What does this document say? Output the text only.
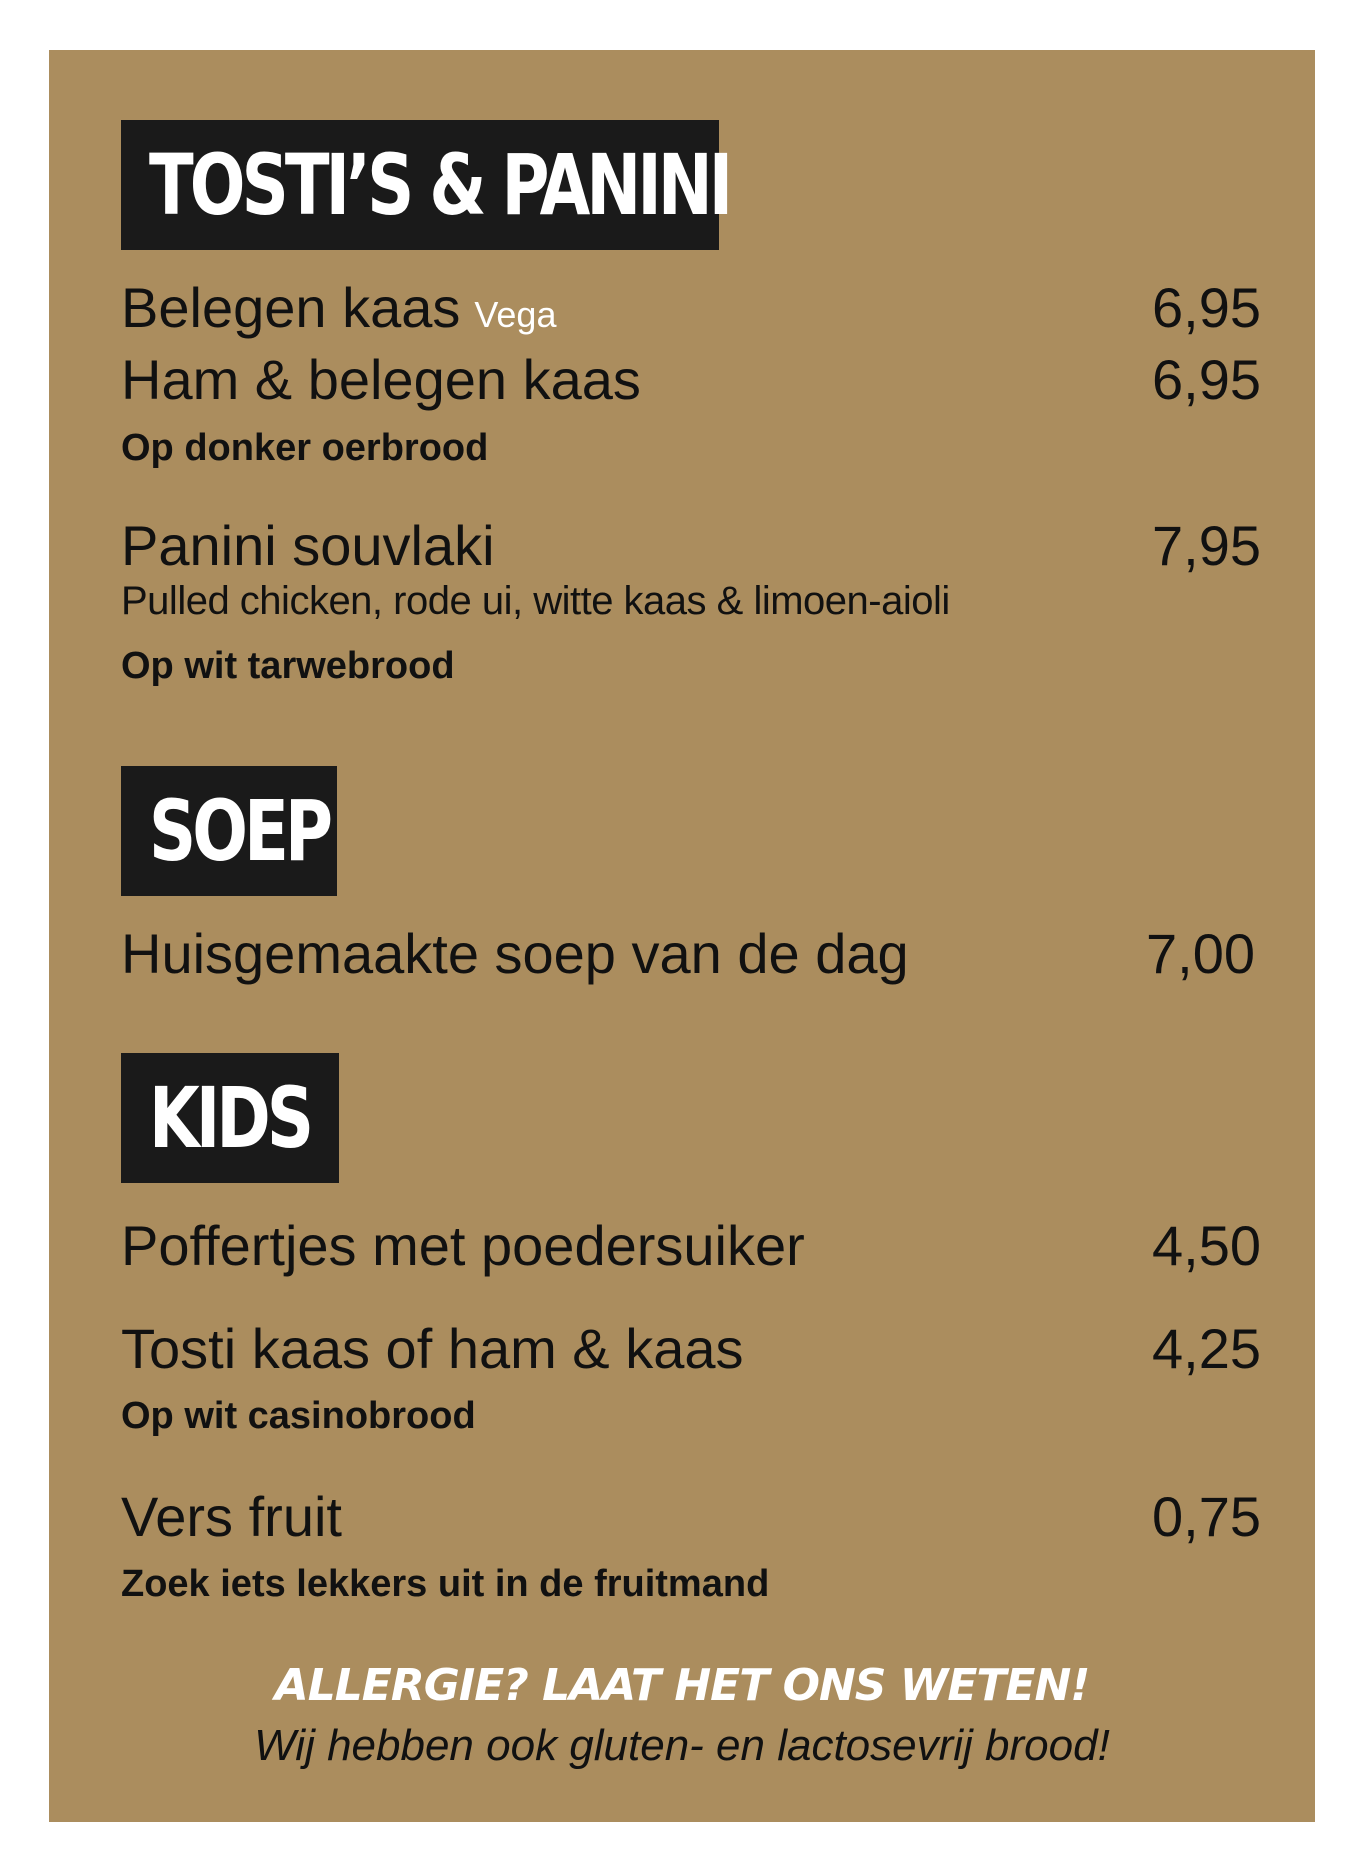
TOSTI’S & PANINI
Belegen kaas Vega	6,95
Ham & belegen kaas	6,95
Op donker oerbrood
Panini souvlaki	7,95
Pulled chicken, rode ui, witte kaas & limoen-aioli
Op wit tarwebrood
SOEP
Huisgemaakte soep van de dag	7,00
KIDS
Poffertjes met poedersuiker	4,50
Tosti kaas of ham & kaas	4,25
Op wit casinobrood
Vers fruit	0,75
Zoek iets lekkers uit in de fruitmand
ALLERGIE? LAAT HET ONS WETEN!
Wij hebben ook gluten- en lactosevrij brood!
